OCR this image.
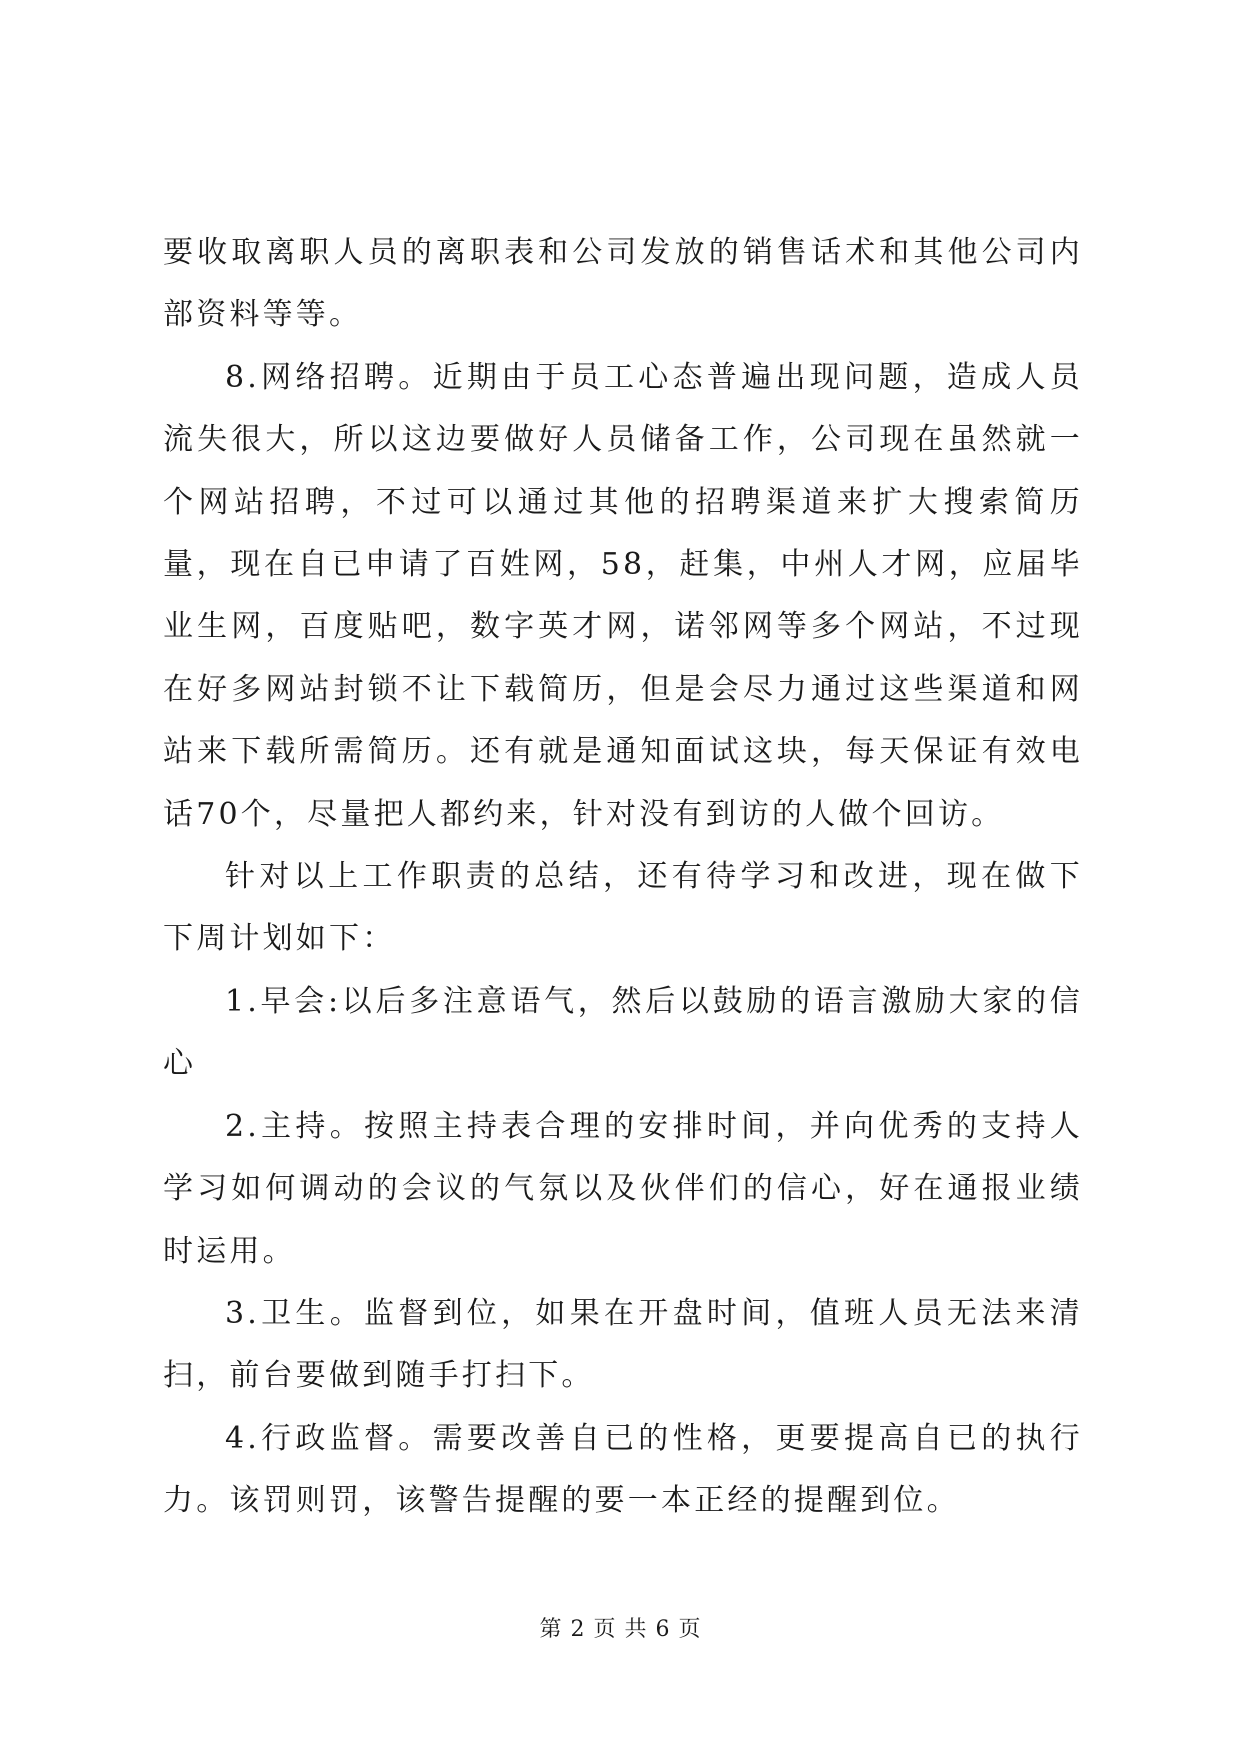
要收取离职人员的离职表和公司发放的销售话术和其他公司内部资料等等。

8.网络招聘。近期由于员工心态普遍出现问题，造成人员流失很大，所以这边要做好人员储备工作，公司现在虽然就一个网站招聘，不过可以通过其他的招聘渠道来扩大搜索简历量，现在自已申请了百姓网，58，赶集，中州人才网，应届毕业生网，百度贴吧，数字英才网，诺邻网等多个网站，不过现在好多网站封锁不让下载简历，但是会尽力通过这些渠道和网站来下载所需简历。还有就是通知面试这块，每天保证有效电话70个，尽量把人都约来，针对没有到访的人做个回访。

针对以上工作职责的总结，还有待学习和改进，现在做下下周计划如下：

1.早会:以后多注意语气，然后以鼓励的语言激励大家的信心

2.主持。按照主持表合理的安排时间，并向优秀的支持人学习如何调动的会议的气氛以及伙伴们的信心，好在通报业绩时运用。

3.卫生。监督到位，如果在开盘时间，值班人员无法来清扫，前台要做到随手打扫下。

4.行政监督。需要改善自已的性格，更要提高自已的执行力。该罚则罚，该警告提醒的要一本正经的提醒到位。

第 2 页 共 6 页
